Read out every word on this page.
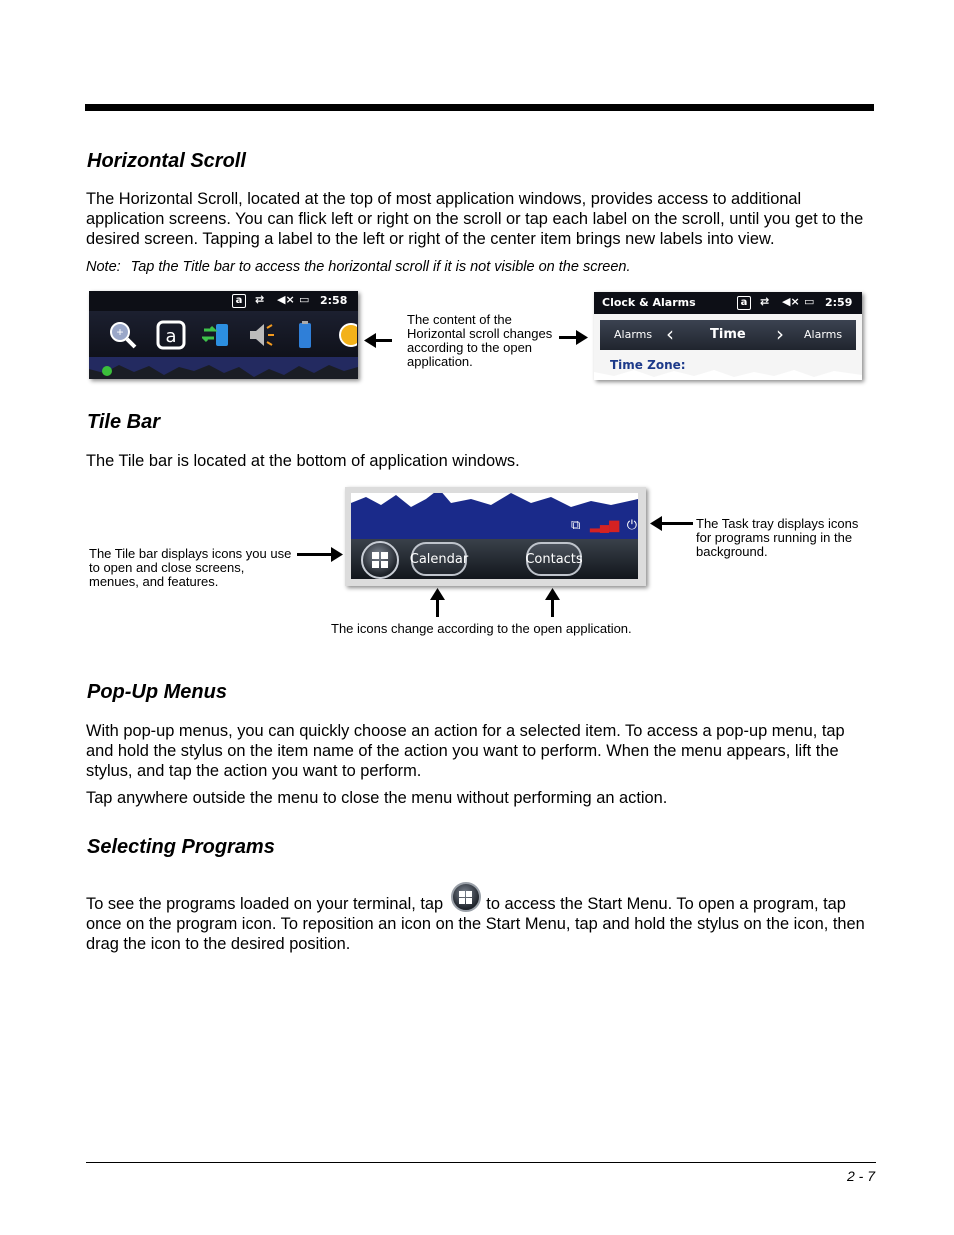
Horizontal Scroll

The Horizontal Scroll, located at the top of most application windows, provides access to additional application screens. You can flick left or right on the scroll or tap each label on the scroll, until you get to the desired screen. Tapping a label to the left or right of the center item brings new labels into view.

Note: Tap the Title bar to access the horizontal scroll if it is not visible on the screen.
a	⇄ ◀× ▭ 2:58
+ a
The content of the Horizontal scroll changes according to the open application.
Clock & Alarms	a	⇄ ◀× ▭ 2:59
Alarms ‹	Time › Alarms
Time Zone:
Tile Bar

The Tile bar is located at the bottom of application windows.

⧉ ▂▄▆ ⏻
Calendar	Contacts
The Tile bar displays icons you use to open and close screens, menues, and features.
The Task tray displays icons for programs running in the background.
The icons change according to the open application.
Pop-Up Menus

With pop-up menus, you can quickly choose an action for a selected item. To access a pop-up menu, tap and hold the stylus on the item name of the action you want to perform. When the menu appears, lift the stylus, and tap the action you want to perform.

Tap anywhere outside the menu to close the menu without performing an action.

Selecting Programs

To see the programs loaded on your terminal, tap	to access the Start Menu. To open a program, tap once on the program icon. To reposition an icon on the Start Menu, tap and hold the stylus on the icon, then drag the icon to the desired position.

2 - 7
